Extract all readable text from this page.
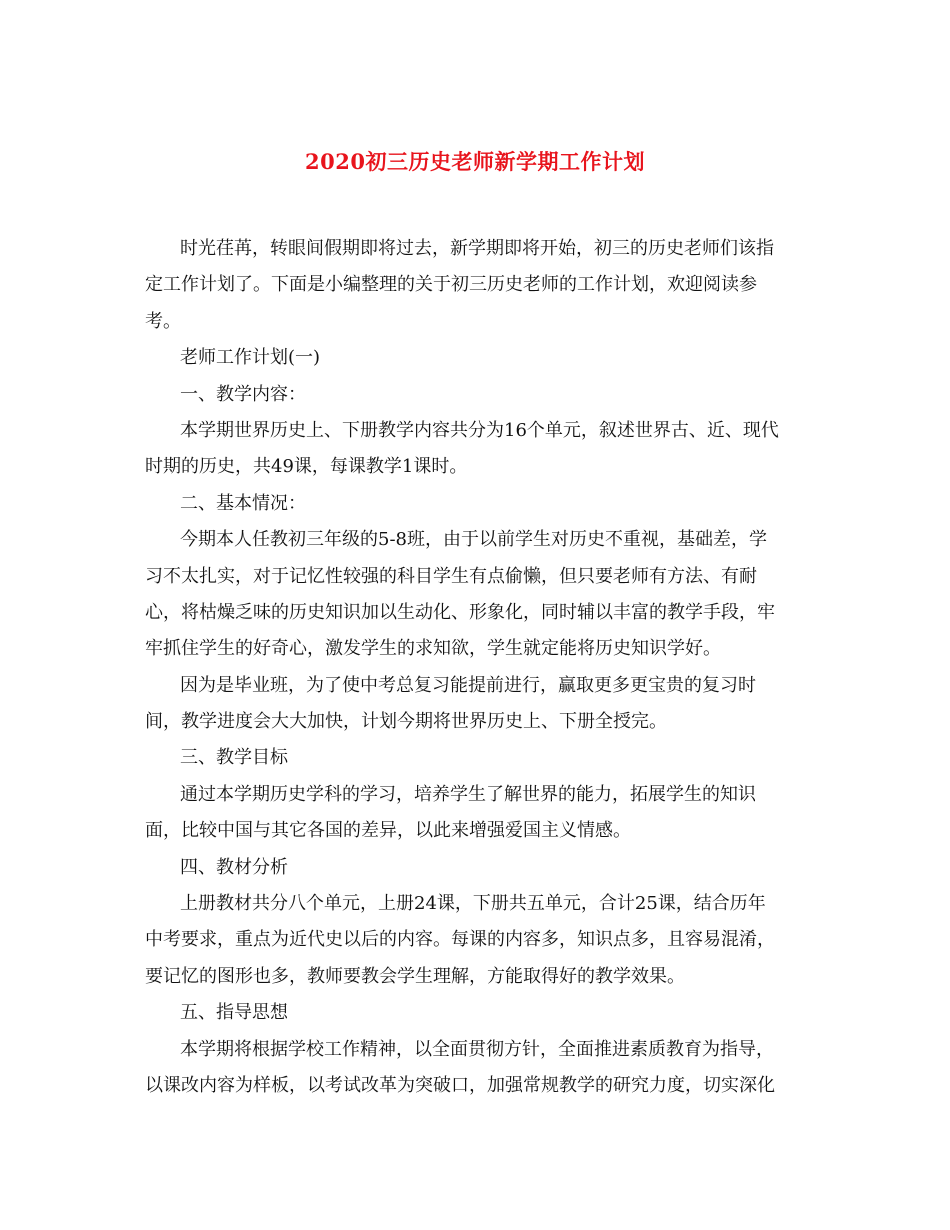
2020初三历史老师新学期工作计划
时光荏苒，转眼间假期即将过去，新学期即将开始，初三的历史老师们该指
定工作计划了。下面是小编整理的关于初三历史老师的工作计划，欢迎阅读参
考。
老师工作计划(一)
一、教学内容：
本学期世界历史上、下册教学内容共分为16个单元，叙述世界古、近、现代
时期的历史，共49课，每课教学1课时。
二、基本情况：
今期本人任教初三年级的5-8班，由于以前学生对历史不重视，基础差，学
习不太扎实，对于记忆性较强的科目学生有点偷懒，但只要老师有方法、有耐
心，将枯燥乏味的历史知识加以生动化、形象化，同时辅以丰富的教学手段，牢
牢抓住学生的好奇心，激发学生的求知欲，学生就定能将历史知识学好。
因为是毕业班，为了使中考总复习能提前进行，赢取更多更宝贵的复习时
间，教学进度会大大加快，计划今期将世界历史上、下册全授完。
三、教学目标
通过本学期历史学科的学习，培养学生了解世界的能力，拓展学生的知识
面，比较中国与其它各国的差异，以此来增强爱国主义情感。
四、教材分析
上册教材共分八个单元，上册24课，下册共五单元，合计25课，结合历年
中考要求，重点为近代史以后的内容。每课的内容多，知识点多，且容易混淆，
要记忆的图形也多，教师要教会学生理解，方能取得好的教学效果。
五、指导思想
本学期将根据学校工作精神，以全面贯彻方针，全面推进素质教育为指导，
以课改内容为样板，以考试改革为突破口，加强常规教学的研究力度，切实深化
